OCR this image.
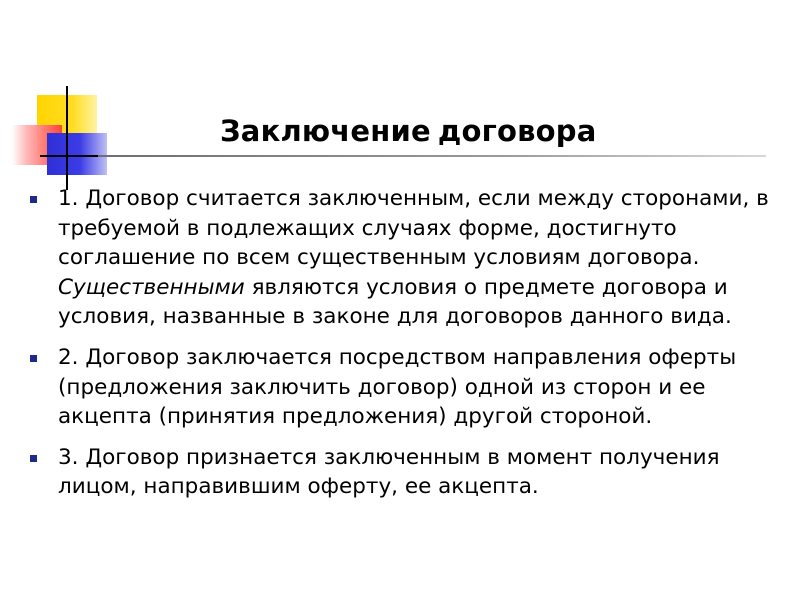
Заключение договора
1. Договор считается заключенным, если между сторонами, в требуемой в подлежащих случаях форме, достигнуто соглашение по всем существенным условиям договора. Существенными являются условия о предмете договора и условия, названные в законе для договоров данного вида.
2. Договор заключается посредством направления оферты (предложения заключить договор) одной из сторон и ее акцепта (принятия предложения) другой стороной.
3. Договор признается заключенным в момент получения лицом, направившим оферту, ее акцепта.
